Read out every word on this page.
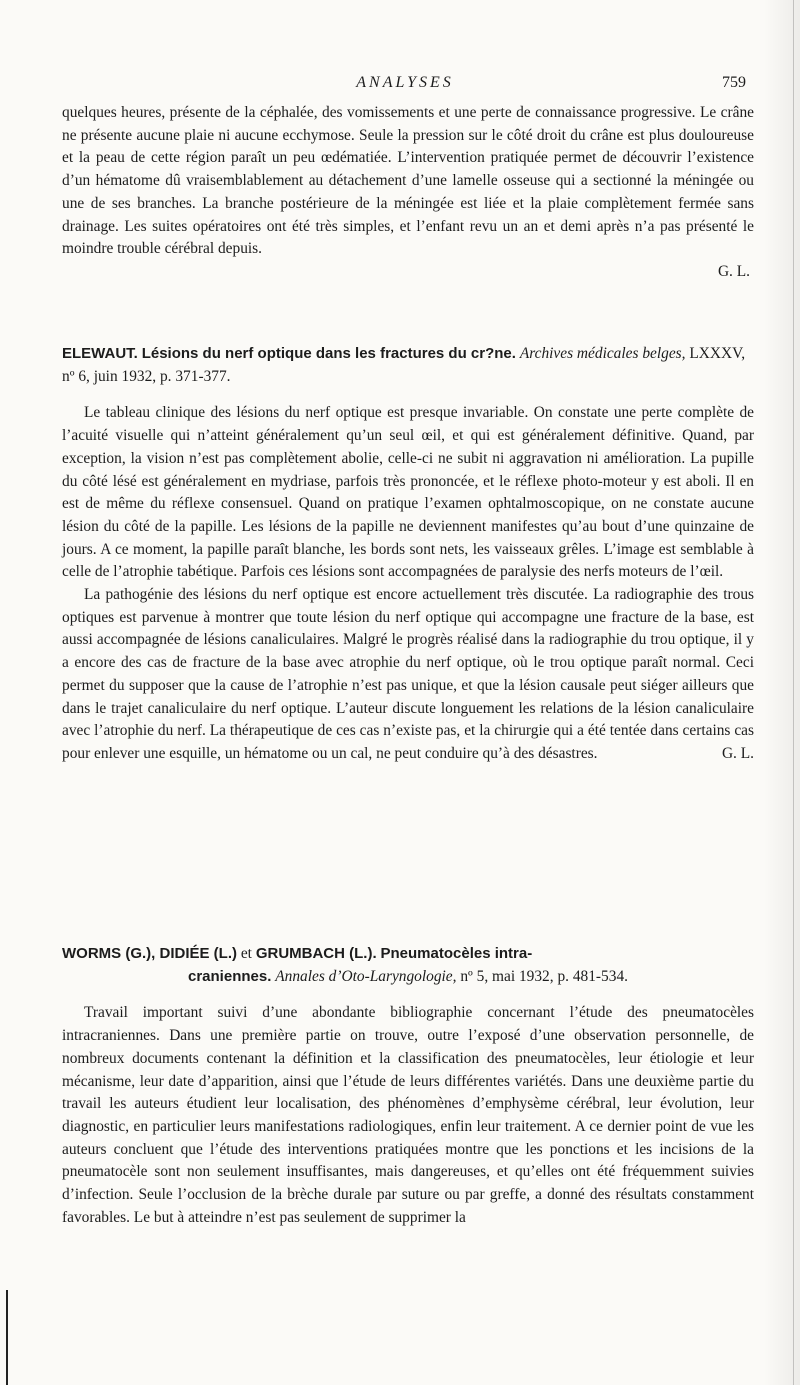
ANALYSES	759

quelques heures, présente de la céphalée, des vomissements et une perte de connaissance progressive. Le crâne ne présente aucune plaie ni aucune ecchymose. Seule la pression sur le côté droit du crâne est plus douloureuse et la peau de cette région paraît un peu œdématiée. L’intervention pratiquée permet de découvrir l’existence d’un hématome dû vraisemblablement au détachement d’une lamelle osseuse qui a sectionné la méningée ou une de ses branches. La branche postérieure de la méningée est liée et la plaie complètement fermée sans drainage. Les suites opératoires ont été très simples, et l’enfant revu un an et demi après n’a pas présenté le moindre trouble cérébral depuis.

G. L.

ELEWAUT. Lésions du nerf optique dans les fractures du cr?ne. Archives médicales belges, LXXXV, nº 6, juin 1932, p. 371-377.

Le tableau clinique des lésions du nerf optique est presque invariable. On constate une perte complète de l’acuité visuelle qui n’atteint généralement qu’un seul œil, et qui est généralement définitive. Quand, par exception, la vision n’est pas complètement abolie, celle-ci ne subit ni aggravation ni amélioration. La pupille du côté lésé est généralement en mydriase, parfois très prononcée, et le réflexe photo-moteur y est aboli. Il en est de même du réflexe consensuel. Quand on pratique l’examen ophtalmoscopique, on ne constate aucune lésion du côté de la papille. Les lésions de la papille ne deviennent manifestes qu’au bout d’une quinzaine de jours. A ce moment, la papille paraît blanche, les bords sont nets, les vaisseaux grêles. L’image est semblable à celle de l’atrophie tabétique. Parfois ces lésions sont accompagnées de paralysie des nerfs moteurs de l’œil.

La pathogénie des lésions du nerf optique est encore actuellement très discutée. La radiographie des trous optiques est parvenue à montrer que toute lésion du nerf optique qui accompagne une fracture de la base, est aussi accompagnée de lésions canaliculaires. Malgré le progrès réalisé dans la radiographie du trou optique, il y a encore des cas de fracture de la base avec atrophie du nerf optique, où le trou optique paraît normal. Ceci permet du supposer que la cause de l’atrophie n’est pas unique, et que la lésion causale peut siéger ailleurs que dans le trajet canaliculaire du nerf optique. L’auteur discute longuement les relations de la lésion canaliculaire avec l’atrophie du nerf. La thérapeutique de ces cas n’existe pas, et la chirurgie qui a été tentée dans certains cas pour enlever une esquille, un hématome ou un cal, ne peut conduire qu’à des désastres.	G. L.

WORMS (G.), DIDIÉE (L.) et GRUMBACH (L.). Pneumatocèles intra-
craniennes. Annales d’Oto-Laryngologie, nº 5, mai 1932, p. 481-534.

Travail important suivi d’une abondante bibliographie concernant l’étude des pneumatocèles intracraniennes. Dans une première partie on trouve, outre l’exposé d’une observation personnelle, de nombreux documents contenant la définition et la classification des pneumatocèles, leur étiologie et leur mécanisme, leur date d’apparition, ainsi que l’étude de leurs différentes variétés. Dans une deuxième partie du travail les auteurs étudient leur localisation, des phénomènes d’emphysème cérébral, leur évolution, leur diagnostic, en particulier leurs manifestations radiologiques, enfin leur traitement. A ce dernier point de vue les auteurs concluent que l’étude des interventions pratiquées montre que les ponctions et les incisions de la pneumatocèle sont non seulement insuffisantes, mais dangereuses, et qu’elles ont été fréquemment suivies d’infection. Seule l’occlusion de la brèche durale par suture ou par greffe, a donné des résultats constamment favorables. Le but à atteindre n’est pas seulement de supprimer la
